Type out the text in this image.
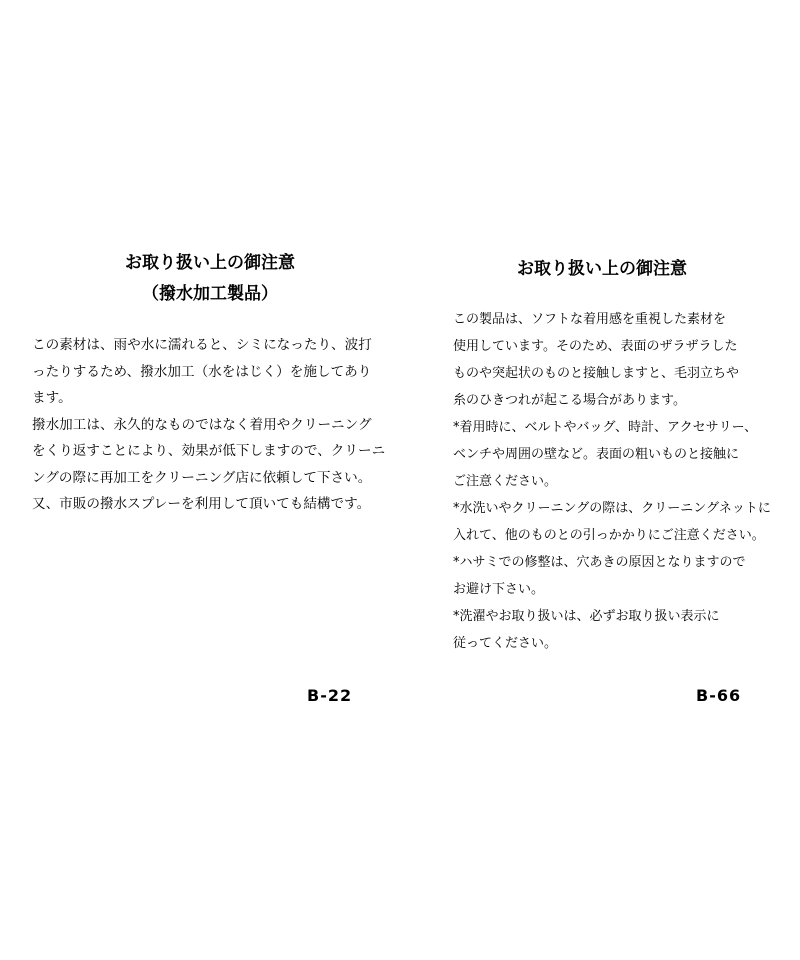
お取り扱い上の御注意

（撥水加工製品）

この素材は、雨や水に濡れると、シミになったり、波打
ったりするため、撥水加工（水をはじく）を施してあり
ます。
撥水加工は、永久的なものではなく着用やクリーニング
をくり返すことにより、効果が低下しますので、クリーニ
ングの際に再加工をクリーニング店に依頼して下さい。
又、市販の撥水スプレーを利用して頂いても結構です。
B-22

お取り扱い上の御注意

この製品は、ソフトな着用感を重視した素材を
使用しています。そのため、表面のザラザラした
ものや突起状のものと接触しますと、毛羽立ちや
糸のひきつれが起こる場合があります。
*着用時に、ベルトやバッグ、時計、アクセサリー、
ベンチや周囲の壁など。表面の粗いものと接触に
ご注意ください。
*水洗いやクリーニングの際は、クリーニングネットに
入れて、他のものとの引っかかりにご注意ください。
*ハサミでの修整は、穴あきの原因となりますので
お避け下さい。
*洗濯やお取り扱いは、必ずお取り扱い表示に
従ってください。
B-66
